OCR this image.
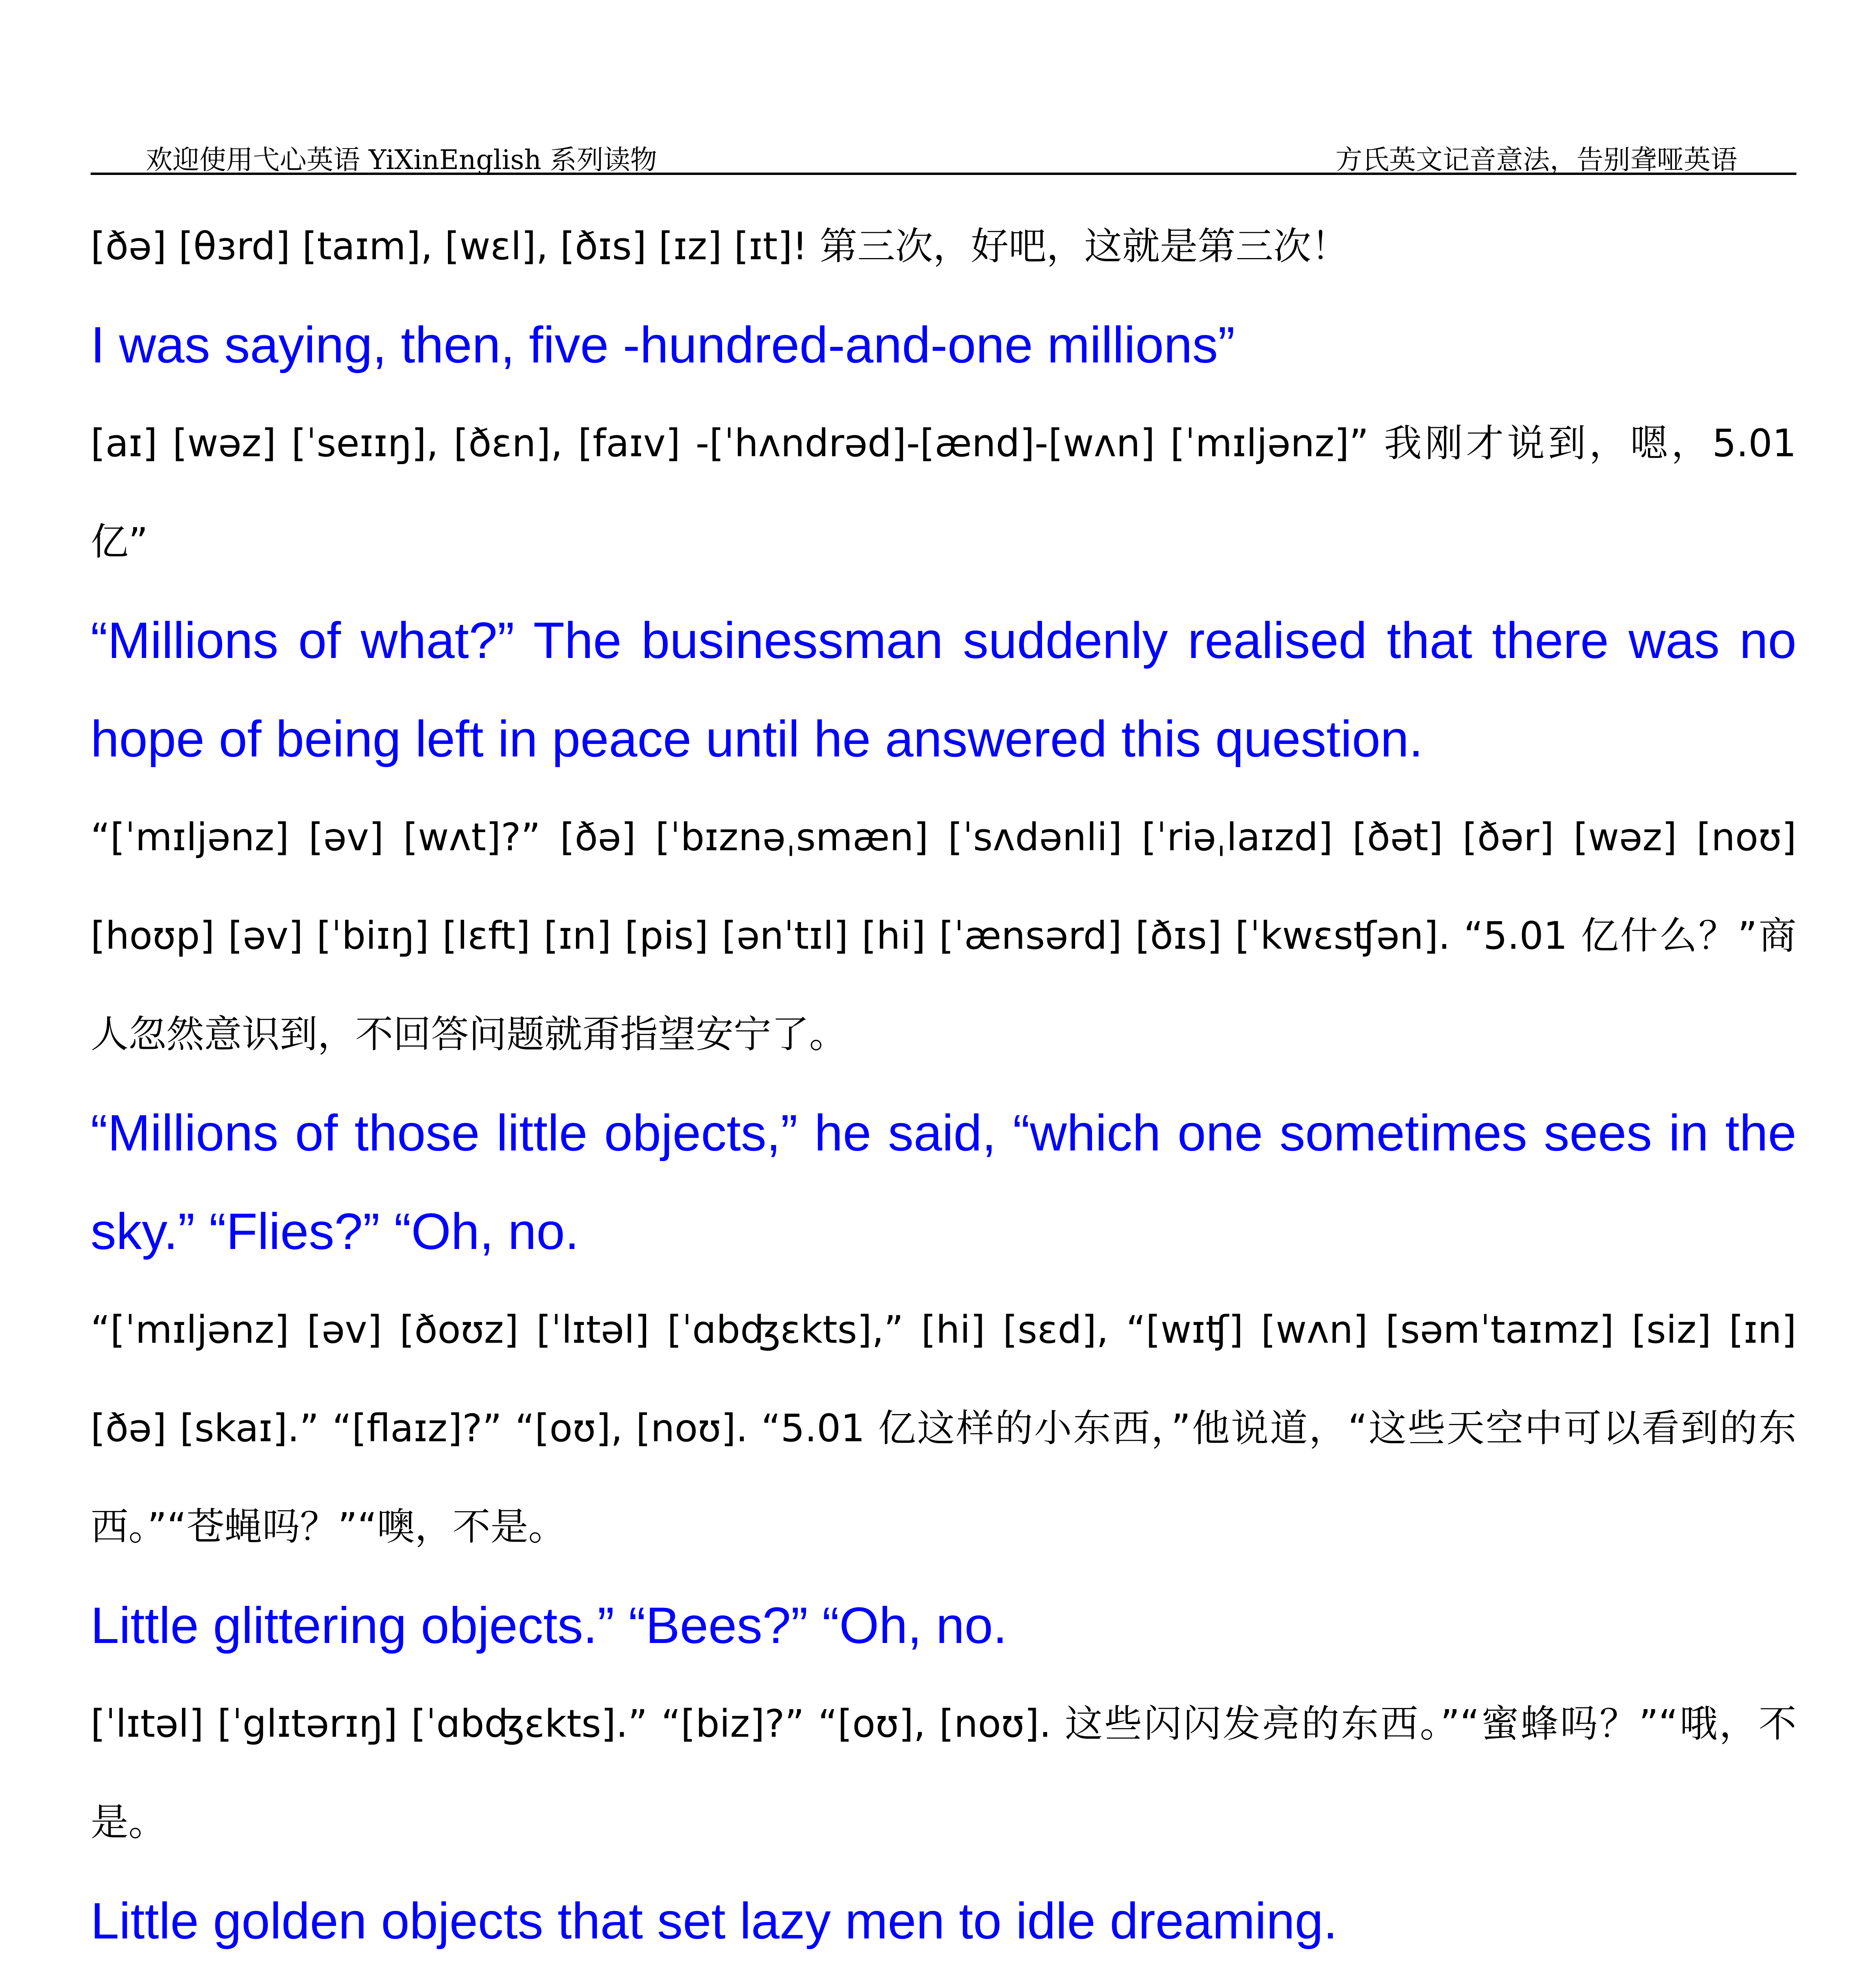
欢迎使用弋心英语 YiXinEnglish 系列读物	方氏英文记音意法，告别聋哑英语

[ðə] [θɜrd] [taɪm], [wɛl], [ðɪs] [ɪz] [ɪt]! 第三次，好吧，这就是第三次！

I was saying, then, five -hundred-and-one millions”

[aɪ] [wəz] [ˈseɪɪŋ], [ðɛn], [faɪv] -[ˈhʌndrəd]-[ænd]-[wʌn] [ˈmɪljənz]” 我刚才说到，嗯，5.01 亿”

“Millions of what?” The businessman suddenly realised that there was no hope of being left in peace until he answered this question.

“[ˈmɪljənz] [əv] [wʌt]?” [ðə] [ˈbɪznəˌsmæn] [ˈsʌdənli] [ˈriəˌlaɪzd] [ðət] [ðər] [wəz] [noʊ] [hoʊp] [əv] [ˈbiɪŋ] [lɛft] [ɪn] [pis] [ənˈtɪl] [hi] [ˈænsərd] [ðɪs] [ˈkwɛsʧən]. “5.01 亿什么？”商人忽然意识到，不回答问题就甭指望安宁了。

“Millions of those little objects,” he said, “which one sometimes sees in the sky.” “Flies?” “Oh, no.

“[ˈmɪljənz] [əv] [ðoʊz] [ˈlɪtəl] [ˈɑbʤɛkts],” [hi] [sɛd], “[wɪʧ] [wʌn] [səmˈtaɪmz] [siz] [ɪn] [ðə] [skaɪ].” “[flaɪz]?” “[oʊ], [noʊ]. “5.01 亿这样的小东西，”他说道，“这些天空中可以看到的东西。”“苍蝇吗？”“噢，不是。

Little glittering objects.” “Bees?” “Oh, no.

[ˈlɪtəl] [ˈglɪtərɪŋ] [ˈɑbʤɛkts].” “[biz]?” “[oʊ], [noʊ]. 这些闪闪发亮的东西。”“蜜蜂吗？”“哦，不是。

Little golden objects that set lazy men to idle dreaming.
